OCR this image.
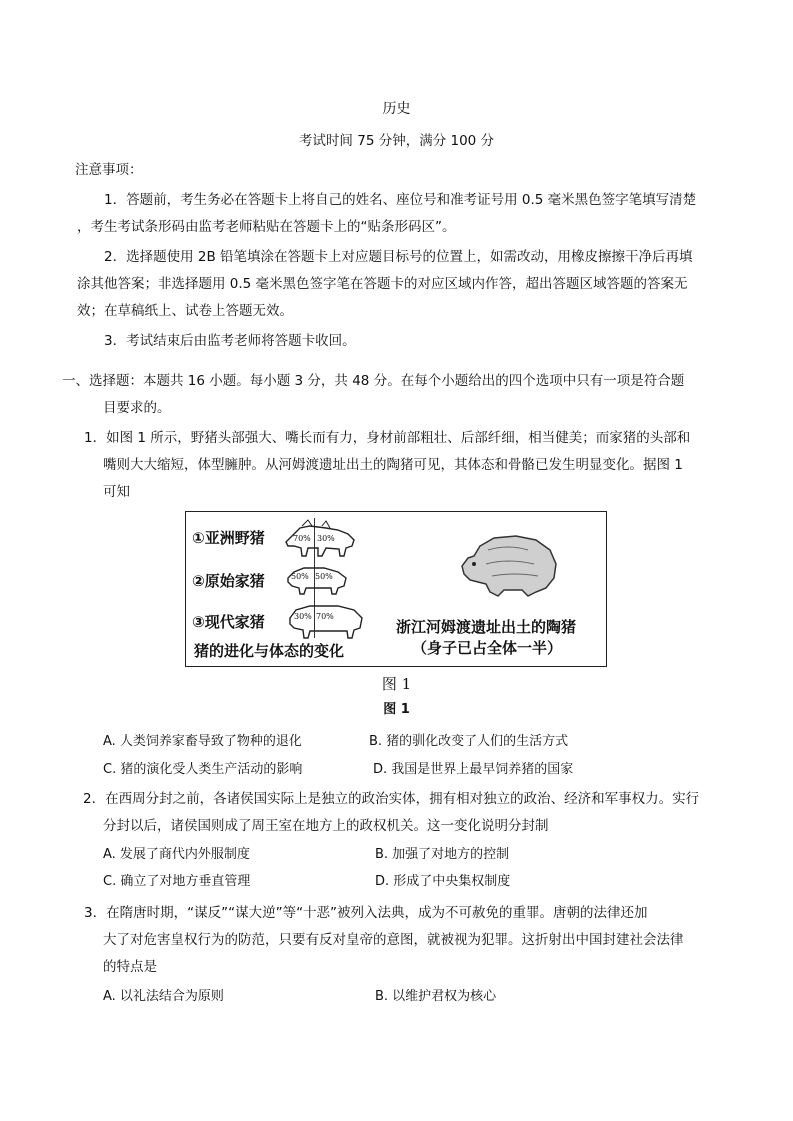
历史
考试时间 75 分钟，满分 100 分
注意事项：
1．答题前，考生务必在答题卡上将自己的姓名、座位号和准考证号用 0.5 毫米黑色签字笔填写清楚
，考生考试条形码由监考老师粘贴在答题卡上的“贴条形码区”。
2．选择题使用 2B 铅笔填涂在答题卡上对应题目标号的位置上，如需改动，用橡皮擦擦干净后再填
涂其他答案；非选择题用 0.5 毫米黑色签字笔在答题卡的对应区域内作答，超出答题区域答题的答案无
效；在草稿纸上、试卷上答题无效。
3．考试结束后由监考老师将答题卡收回。
一、选择题：本题共 16 小题。每小题 3 分，共 48 分。在每个小题给出的四个选项中只有一项是符合题
目要求的。
1．如图 1 所示，野猪头部强大、嘴长而有力，身材前部粗壮、后部纤细，相当健美；而家猪的头部和
嘴则大大缩短，体型臃肿。从河姆渡遗址出土的陶猪可见，其体态和骨骼已发生明显变化。据图 1
可知
①亚洲野猪
②原始家猪
③现代家猪
70% 30%
50% 50%
30% 70%
猪的进化与体态的变化
浙江河姆渡遗址出土的陶猪
（身子已占全体一半）
图 1
图 1
A. 人类饲养家畜导致了物种的退化	B. 猪的驯化改变了人们的生活方式
C. 猪的演化受人类生产活动的影响	D. 我国是世界上最早饲养猪的国家
2．在西周分封之前，各诸侯国实际上是独立的政治实体，拥有相对独立的政治、经济和军事权力。实行
分封以后，诸侯国则成了周王室在地方上的政权机关。这一变化说明分封制
A. 发展了商代内外服制度	B. 加强了对地方的控制
C. 确立了对地方垂直管理	D. 形成了中央集权制度
3．在隋唐时期，“谋反”“谋大逆”等“十恶”被列入法典，成为不可赦免的重罪。唐朝的法律还加
大了对危害皇权行为的防范，只要有反对皇帝的意图，就被视为犯罪。这折射出中国封建社会法律
的特点是
A. 以礼法结合为原则	B. 以维护君权为核心
